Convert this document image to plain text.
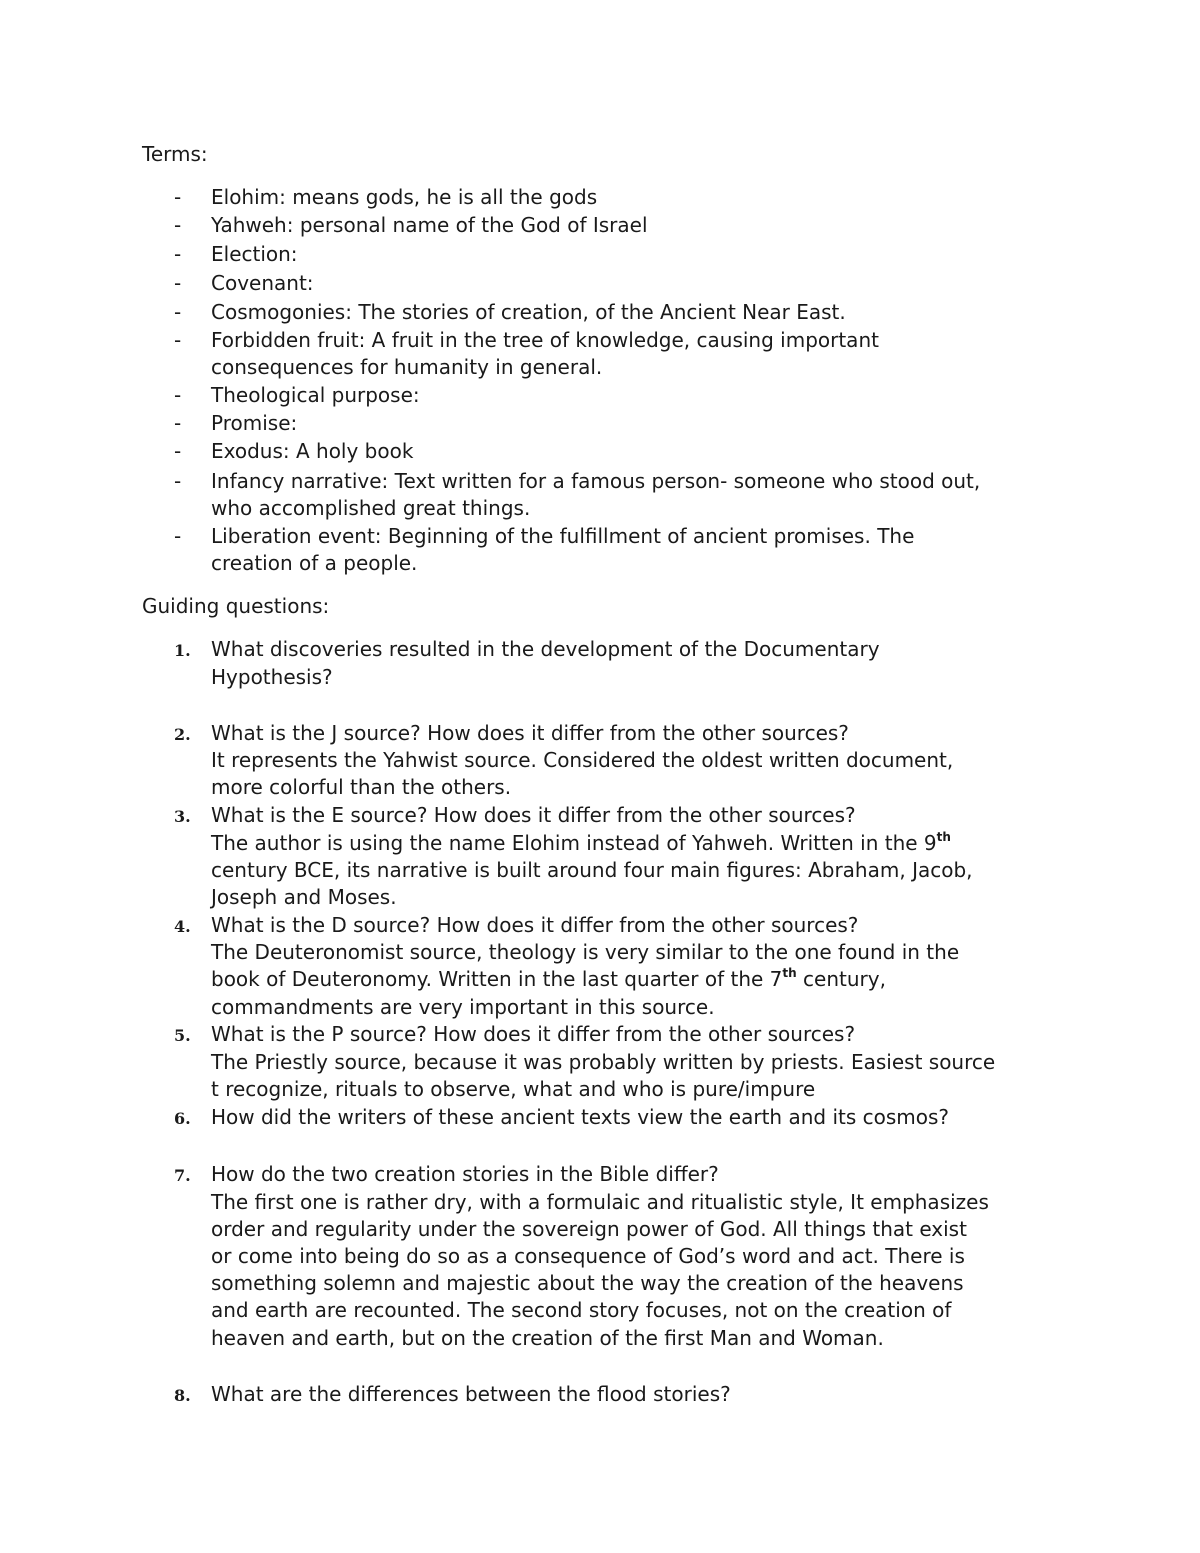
Terms:
- Elohim: means gods, he is all the gods
- Yahweh: personal name of the God of Israel
- Election:
- Covenant:
- Cosmogonies: The stories of creation, of the Ancient Near East.
- Forbidden fruit: A fruit in the tree of knowledge, causing important
consequences for humanity in general.
- Theological purpose:
- Promise:
- Exodus: A holy book
- Infancy narrative: Text written for a famous person- someone who stood out,
who accomplished great things.
- Liberation event: Beginning of the fulfillment of ancient promises. The
creation of a people.
Guiding questions:
1. What discoveries resulted in the development of the Documentary
Hypothesis?
2. What is the J source? How does it differ from the other sources?
It represents the Yahwist source. Considered the oldest written document,
more colorful than the others.
3. What is the E source? How does it differ from the other sources?
The author is using the name Elohim instead of Yahweh. Written in the 9th
century BCE, its narrative is built around four main figures: Abraham, Jacob,
Joseph and Moses.
4. What is the D source? How does it differ from the other sources?
The Deuteronomist source, theology is very similar to the one found in the
book of Deuteronomy. Written in the last quarter of the 7th century,
commandments are very important in this source.
5. What is the P source? How does it differ from the other sources?
The Priestly source, because it was probably written by priests. Easiest source
t recognize, rituals to observe, what and who is pure/impure
6. How did the writers of these ancient texts view the earth and its cosmos?
7. How do the two creation stories in the Bible differ?
The first one is rather dry, with a formulaic and ritualistic style, It emphasizes
order and regularity under the sovereign power of God. All things that exist
or come into being do so as a consequence of God’s word and act. There is
something solemn and majestic about the way the creation of the heavens
and earth are recounted. The second story focuses, not on the creation of
heaven and earth, but on the creation of the first Man and Woman.
8. What are the differences between the flood stories?
